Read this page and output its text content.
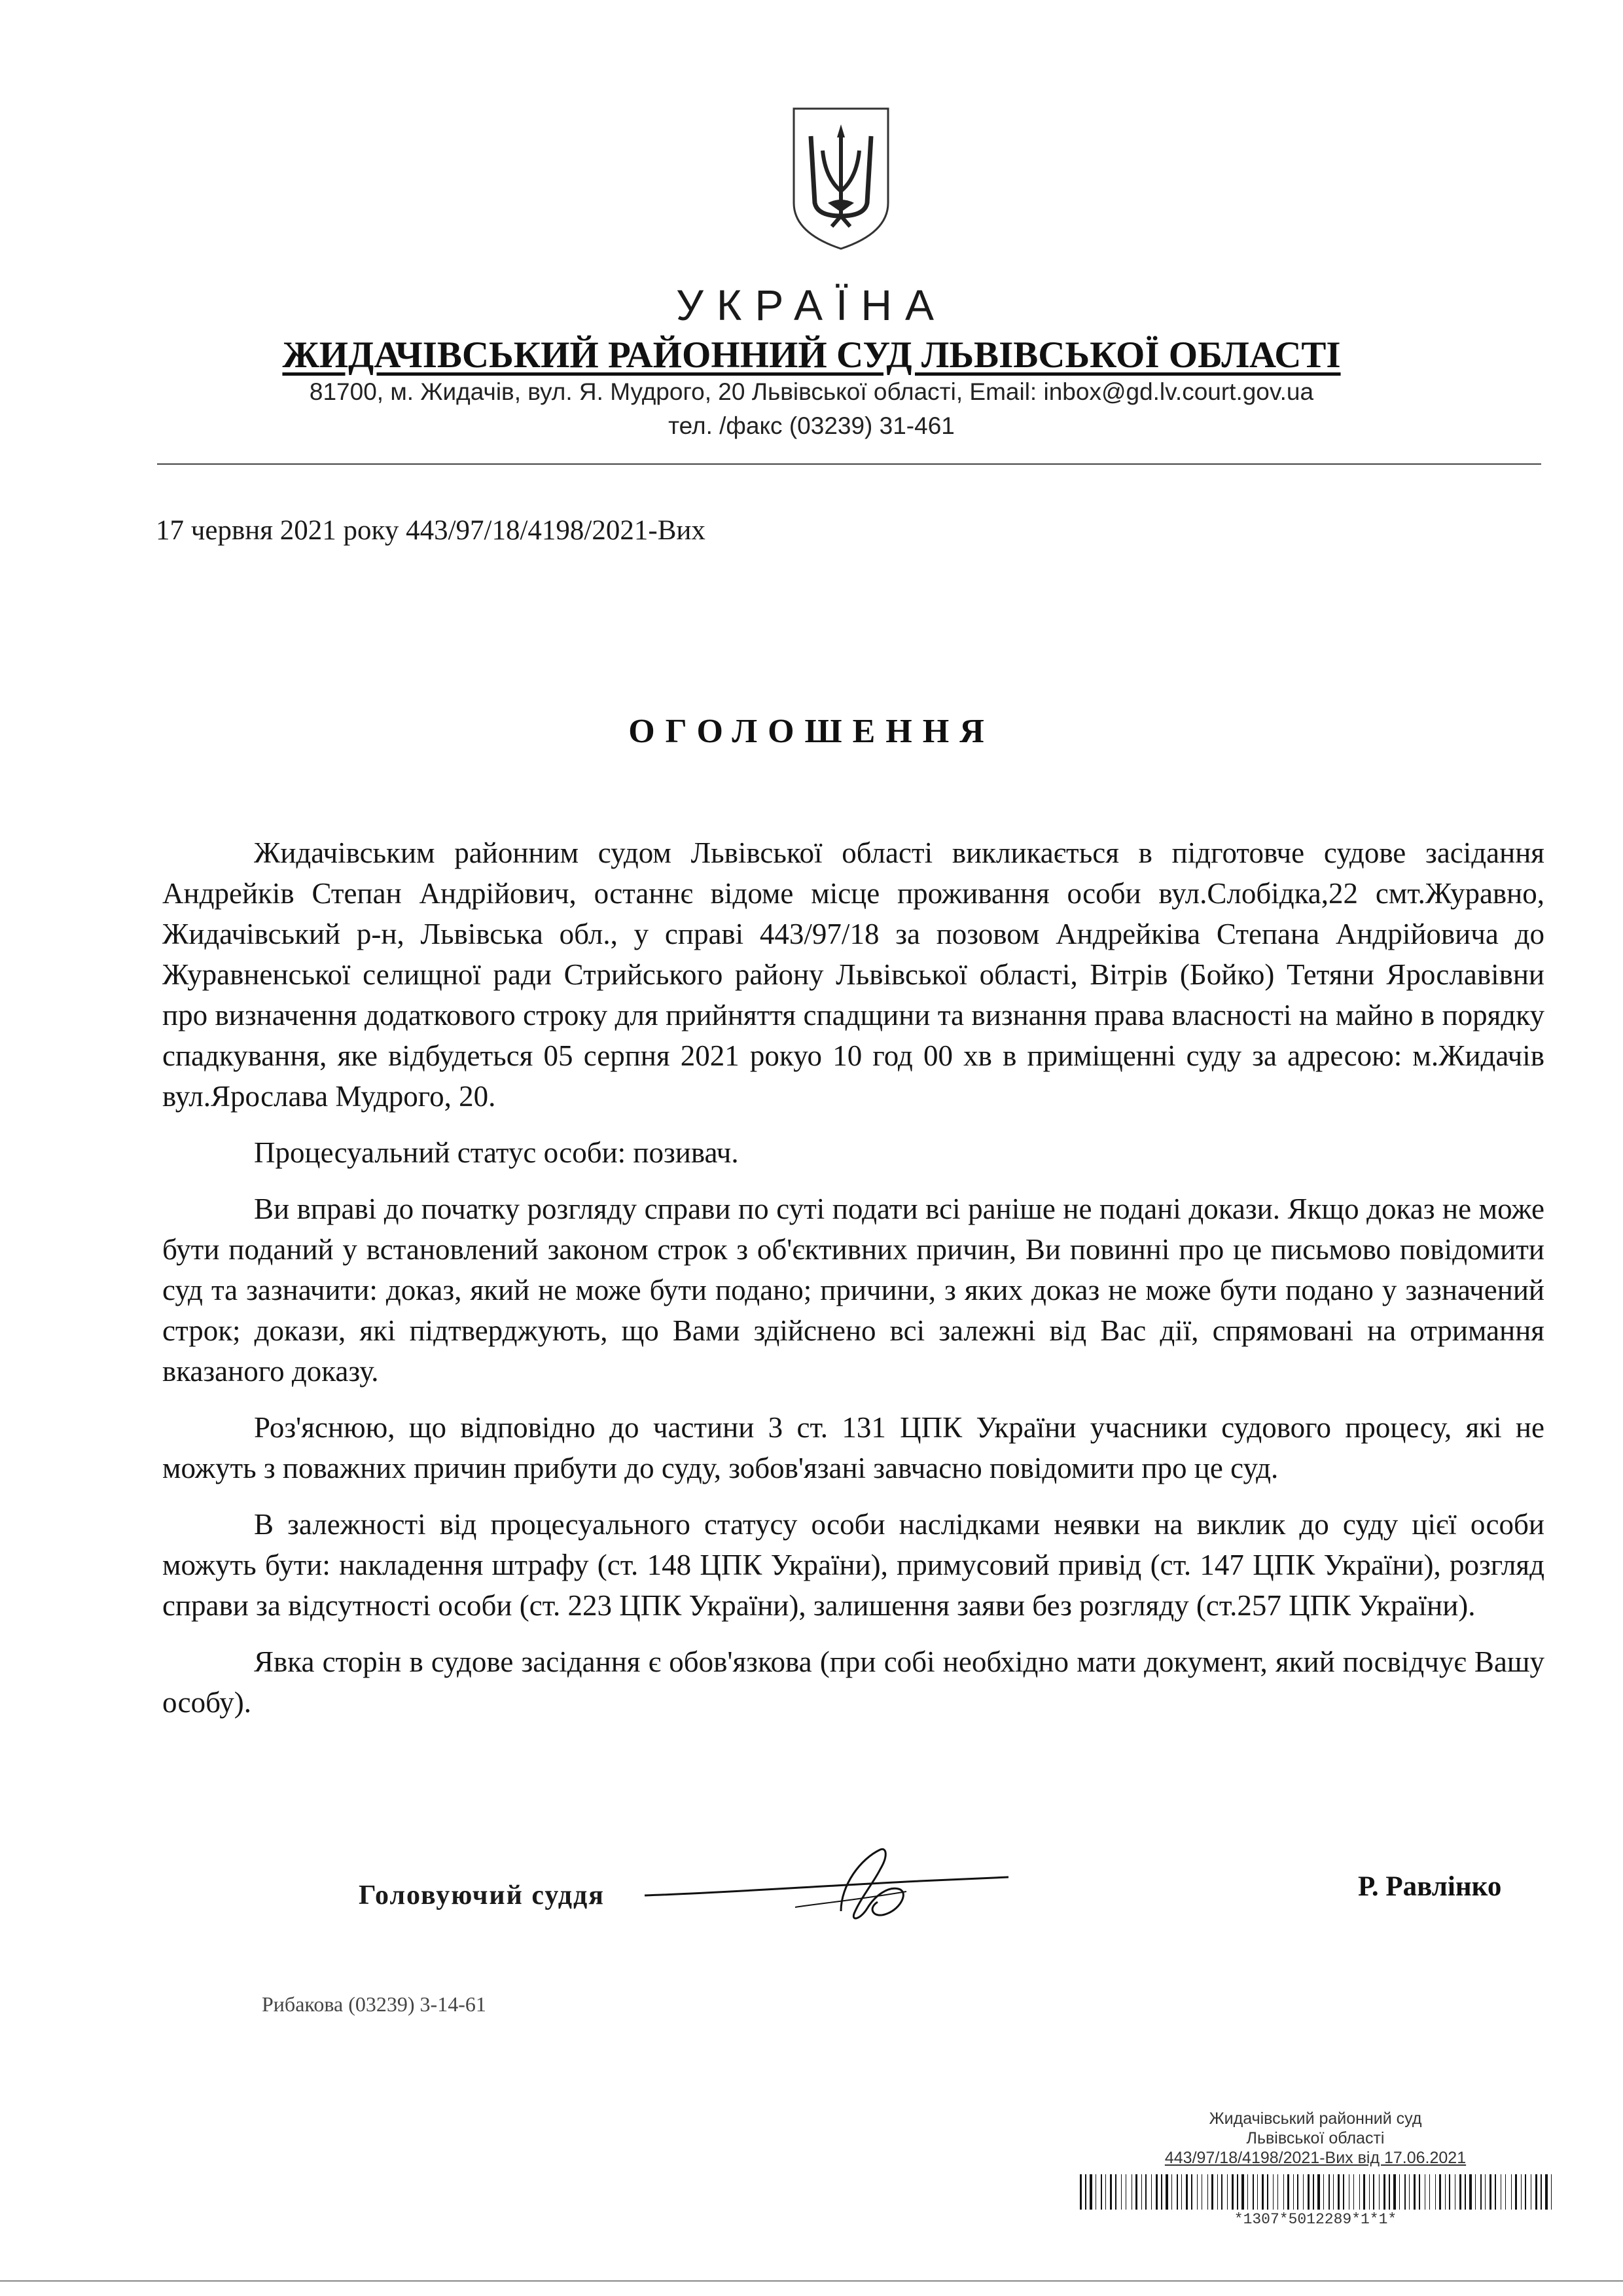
УКРАЇНА
ЖИДАЧІВСЬКИЙ РАЙОННИЙ СУД ЛЬВІВСЬКОЇ ОБЛАСТІ
81700, м. Жидачів, вул. Я. Мудрого, 20 Львівської області, Email: inbox@gd.lv.court.gov.ua
тел. /факс (03239) 31-461
17 червня 2021 року 443/97/18/4198/2021-Вих
ОГОЛОШЕННЯ

Жидачівським районним судом Львівської області викликається в підготовче судове засідання Андрейків Степан Андрійович, останнє відоме місце проживання особи вул.Слобідка,22 смт.Журавно, Жидачівський р-н, Львівська обл., у справі 443/97/18 за позовом Андрейківа Степана Андрійовича до Журавненської селищної ради Стрийського району Львівської області, Вітрів (Бойко) Тетяни Ярославівни про визначення додаткового строку для прийняття спадщини та визнання права власності на майно в порядку спадкування, яке відбудеться 05 серпня 2021 рокуо 10 год 00 хв в приміщенні суду за адресою: м.Жидачів вул.Ярослава Мудрого, 20.

Процесуальний статус особи: позивач.

Ви вправі до початку розгляду справи по суті подати всі раніше не подані докази. Якщо доказ не може бути поданий у встановлений законом строк з об'єктивних причин, Ви повинні про це письмово повідомити суд та зазначити: доказ, який не може бути подано; причини, з яких доказ не може бути подано у зазначений строк; докази, які підтверджують, що Вами здійснено всі залежні від Вас дії, спрямовані на отримання вказаного доказу.

Роз'яснюю, що відповідно до частини 3 ст. 131 ЦПК України учасники судового процесу, які не можуть з поважних причин прибути до суду, зобов'язані завчасно повідомити про це суд.

В залежності від процесуального статусу особи наслідками неявки на виклик до суду цієї особи можуть бути: накладення штрафу (ст. 148 ЦПК України), примусовий привід (ст. 147 ЦПК України), розгляд справи за відсутності особи (ст. 223 ЦПК України), залишення заяви без розгляду (ст.257 ЦПК України).

Явка сторін в судове засідання є обов'язкова (при собі необхідно мати документ, який посвідчує Вашу особу).

Головуючий суддя	Р. Равлінко
Рибакова (03239) 3-14-61
Жидачівський районний суд
Львівської області
443/97/18/4198/2021-Вих від 17.06.2021
*1307*5012289*1*1*
